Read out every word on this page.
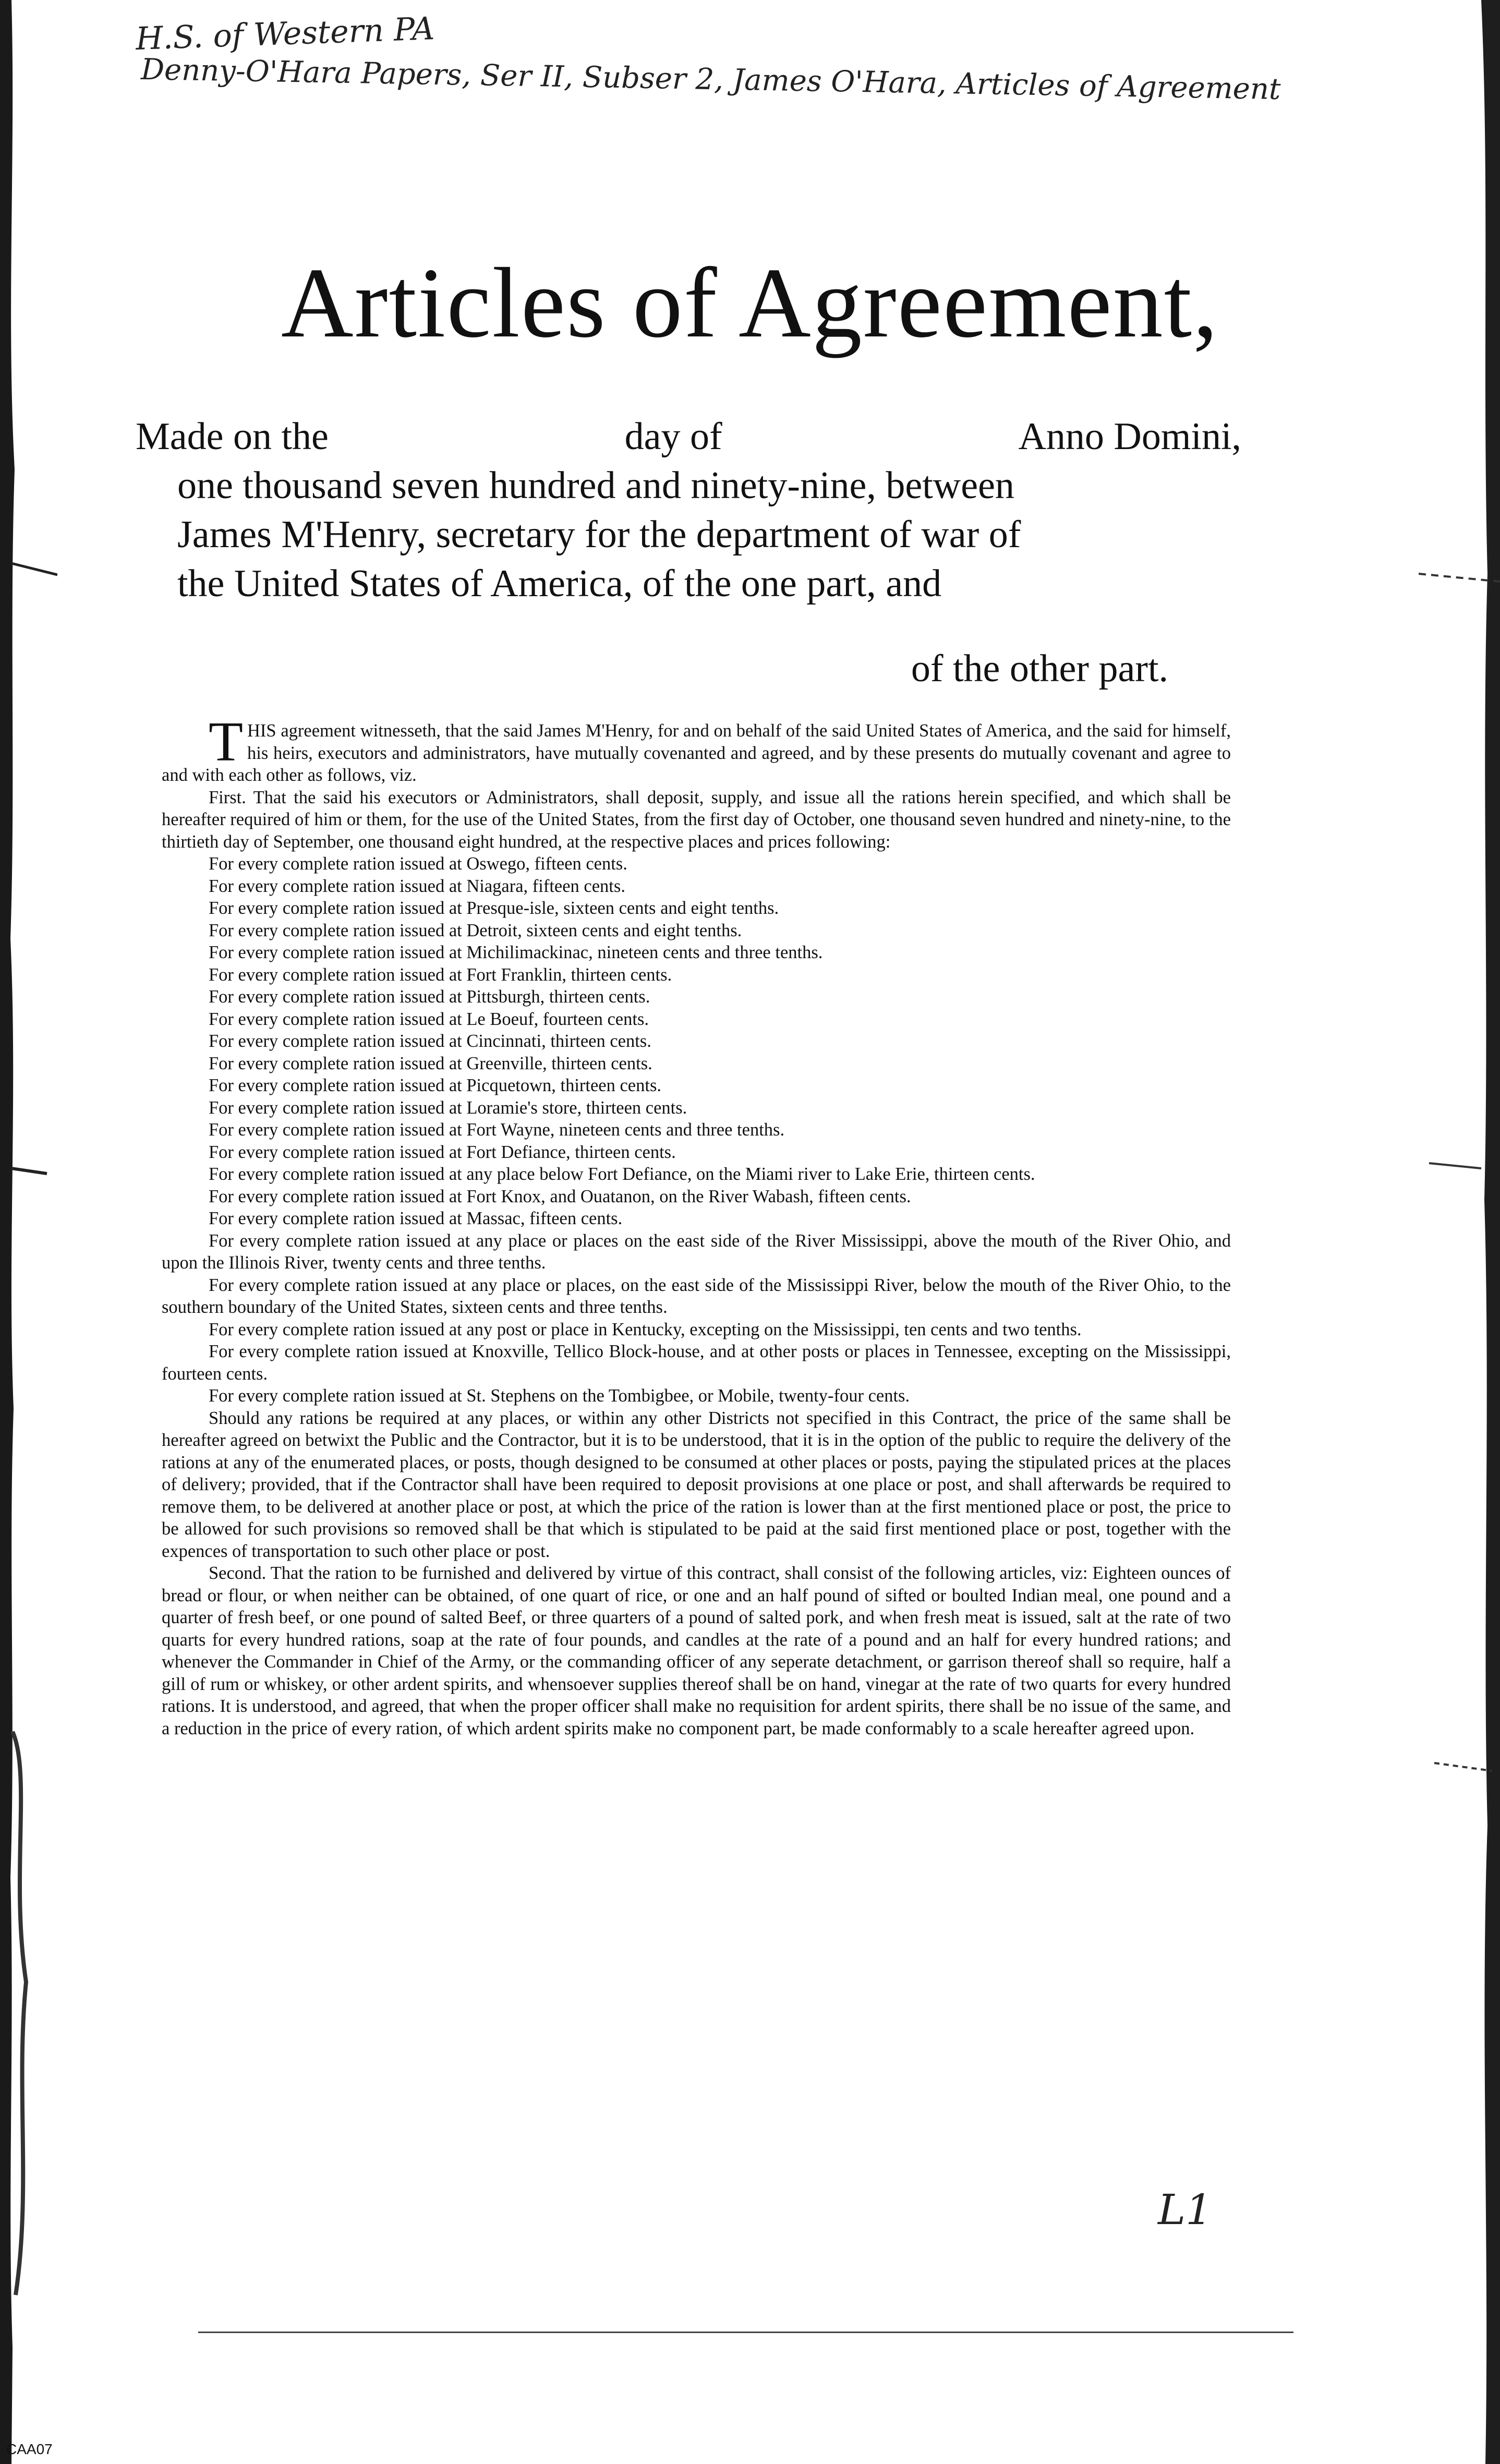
H.S. of Western PA
Denny-O'Hara Papers, Ser II, Subser 2, James O'Hara, Articles of Agreement
Articles of Agreement,
Made on the	day of	Anno Domini,
one thousand seven hundred and ninety-nine, between
James M'Henry, secretary for the department of war of
the United States of America, of the one part, and
of the other part.

THIS agreement witnesseth, that the said James M'Henry, for and on behalf of the said United States of America, and the said for himself, his heirs, executors and administrators, have mutually covenanted and agreed, and by these presents do mutually covenant and agree to and with each other as follows, viz.

First. That the said his executors or Administrators, shall deposit, supply, and issue all the rations herein specified, and which shall be hereafter required of him or them, for the use of the United States, from the first day of October, one thousand seven hundred and ninety-nine, to the thirtieth day of September, one thousand eight hundred, at the respective places and prices following:

For every complete ration issued at Oswego, fifteen cents.
For every complete ration issued at Niagara, fifteen cents.
For every complete ration issued at Presque-isle, sixteen cents and eight tenths.
For every complete ration issued at Detroit, sixteen cents and eight tenths.
For every complete ration issued at Michilimackinac, nineteen cents and three tenths.
For every complete ration issued at Fort Franklin, thirteen cents.
For every complete ration issued at Pittsburgh, thirteen cents.
For every complete ration issued at Le Boeuf, fourteen cents.
For every complete ration issued at Cincinnati, thirteen cents.
For every complete ration issued at Greenville, thirteen cents.
For every complete ration issued at Picquetown, thirteen cents.
For every complete ration issued at Loramie's store, thirteen cents.
For every complete ration issued at Fort Wayne, nineteen cents and three tenths.
For every complete ration issued at Fort Defiance, thirteen cents.
For every complete ration issued at any place below Fort Defiance, on the Miami river to Lake Erie, thirteen cents.
For every complete ration issued at Fort Knox, and Ouatanon, on the River Wabash, fifteen cents.
For every complete ration issued at Massac, fifteen cents.

For every complete ration issued at any place or places on the east side of the River Mississippi, above the mouth of the River Ohio, and upon the Illinois River, twenty cents and three tenths.

For every complete ration issued at any place or places, on the east side of the Mississippi River, below the mouth of the River Ohio, to the southern boundary of the United States, sixteen cents and three tenths.

For every complete ration issued at any post or place in Kentucky, excepting on the Mississippi, ten cents and two tenths.

For every complete ration issued at Knoxville, Tellico Block-house, and at other posts or places in Tennessee, excepting on the Mississippi, fourteen cents.

For every complete ration issued at St. Stephens on the Tombigbee, or Mobile, twenty-four cents.

Should any rations be required at any places, or within any other Districts not specified in this Contract, the price of the same shall be hereafter agreed on betwixt the Public and the Contractor, but it is to be understood, that it is in the option of the public to require the delivery of the rations at any of the enumerated places, or posts, though designed to be consumed at other places or posts, paying the stipulated prices at the places of delivery; provided, that if the Contractor shall have been required to deposit provisions at one place or post, and shall afterwards be required to remove them, to be delivered at another place or post, at which the price of the ration is lower than at the first mentioned place or post, the price to be allowed for such provisions so removed shall be that which is stipulated to be paid at the said first mentioned place or post, together with the expences of transportation to such other place or post.

Second. That the ration to be furnished and delivered by virtue of this contract, shall consist of the following articles, viz: Eighteen ounces of bread or flour, or when neither can be obtained, of one quart of rice, or one and an half pound of sifted or boulted Indian meal, one pound and a quarter of fresh beef, or one pound of salted Beef, or three quarters of a pound of salted pork, and when fresh meat is issued, salt at the rate of two quarts for every hundred rations, soap at the rate of four pounds, and candles at the rate of a pound and an half for every hundred rations; and whenever the Commander in Chief of the Army, or the commanding officer of any seperate detachment, or garrison thereof shall so require, half a gill of rum or whiskey, or other ardent spirits, and whensoever supplies thereof shall be on hand, vinegar at the rate of two quarts for every hundred rations. It is understood, and agreed, that when the proper officer shall make no requisition for ardent spirits, there shall be no issue of the same, and a reduction in the price of every ration, of which ardent spirits make no component part, be made conformably to a scale hereafter agreed upon.

L1
CAA07
